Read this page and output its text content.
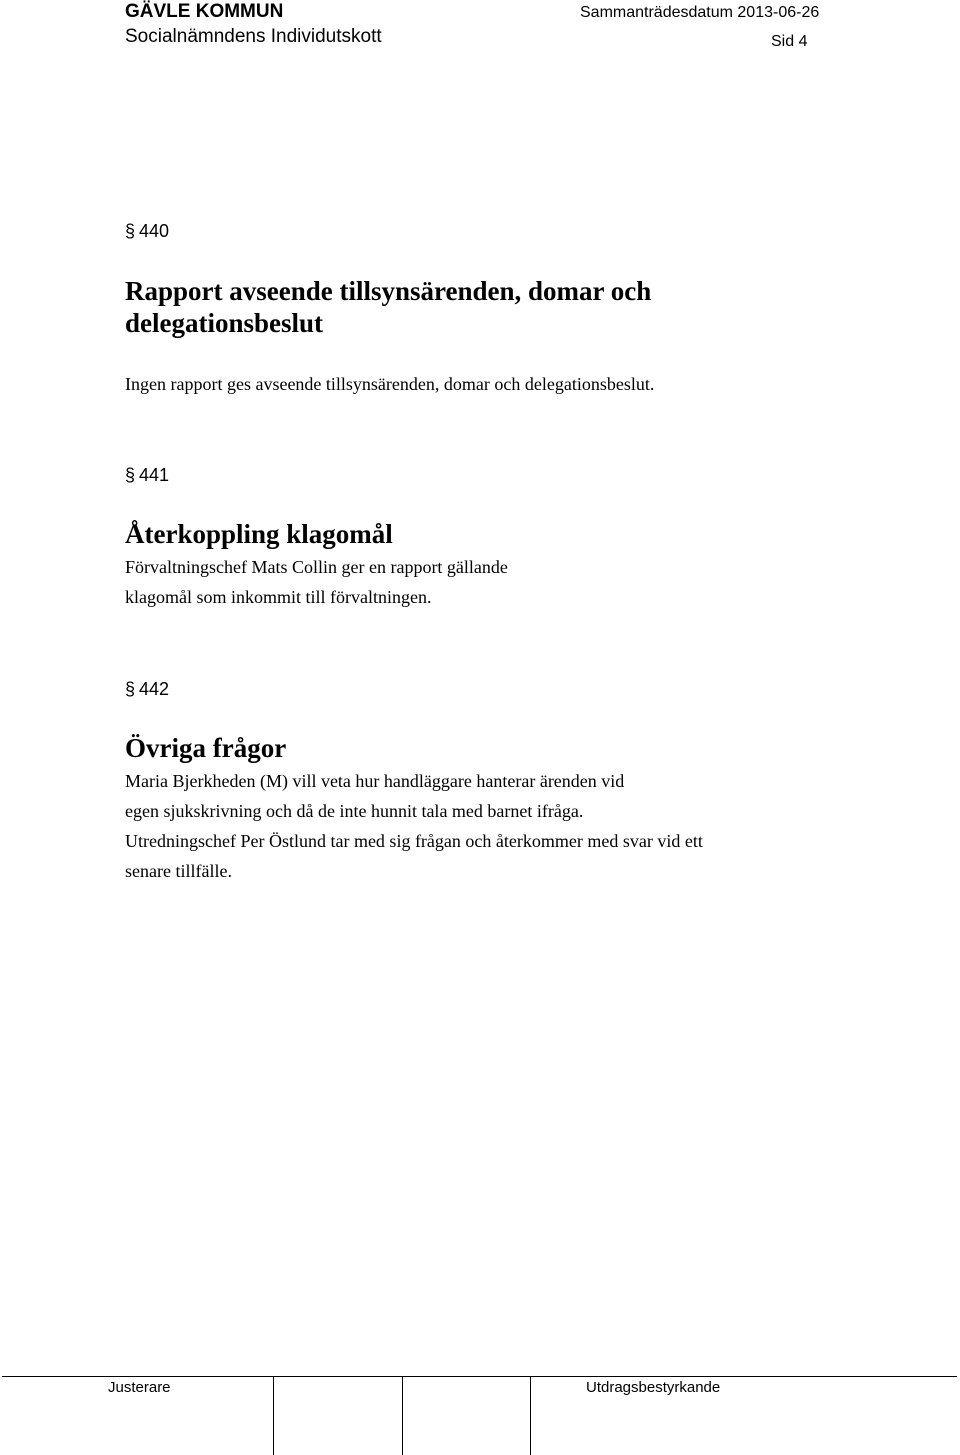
GÄVLE KOMMUN	Sammanträdesdatum 2013-06-26
Socialnämndens Individutskott	Sid 4
§ 440
Rapport avseende tillsynsärenden, domar och
delegationsbeslut
Ingen rapport ges avseende tillsynsärenden, domar och delegationsbeslut.
§ 441
Återkoppling klagomål
Förvaltningschef Mats Collin ger en rapport gällande
klagomål som inkommit till förvaltningen.
§ 442
Övriga frågor
Maria Bjerkheden (M) vill veta hur handläggare hanterar ärenden vid
egen sjukskrivning och då de inte hunnit tala med barnet ifråga.
Utredningschef Per Östlund tar med sig frågan och återkommer med svar vid ett
senare tillfälle.
Justerare	Utdragsbestyrkande
